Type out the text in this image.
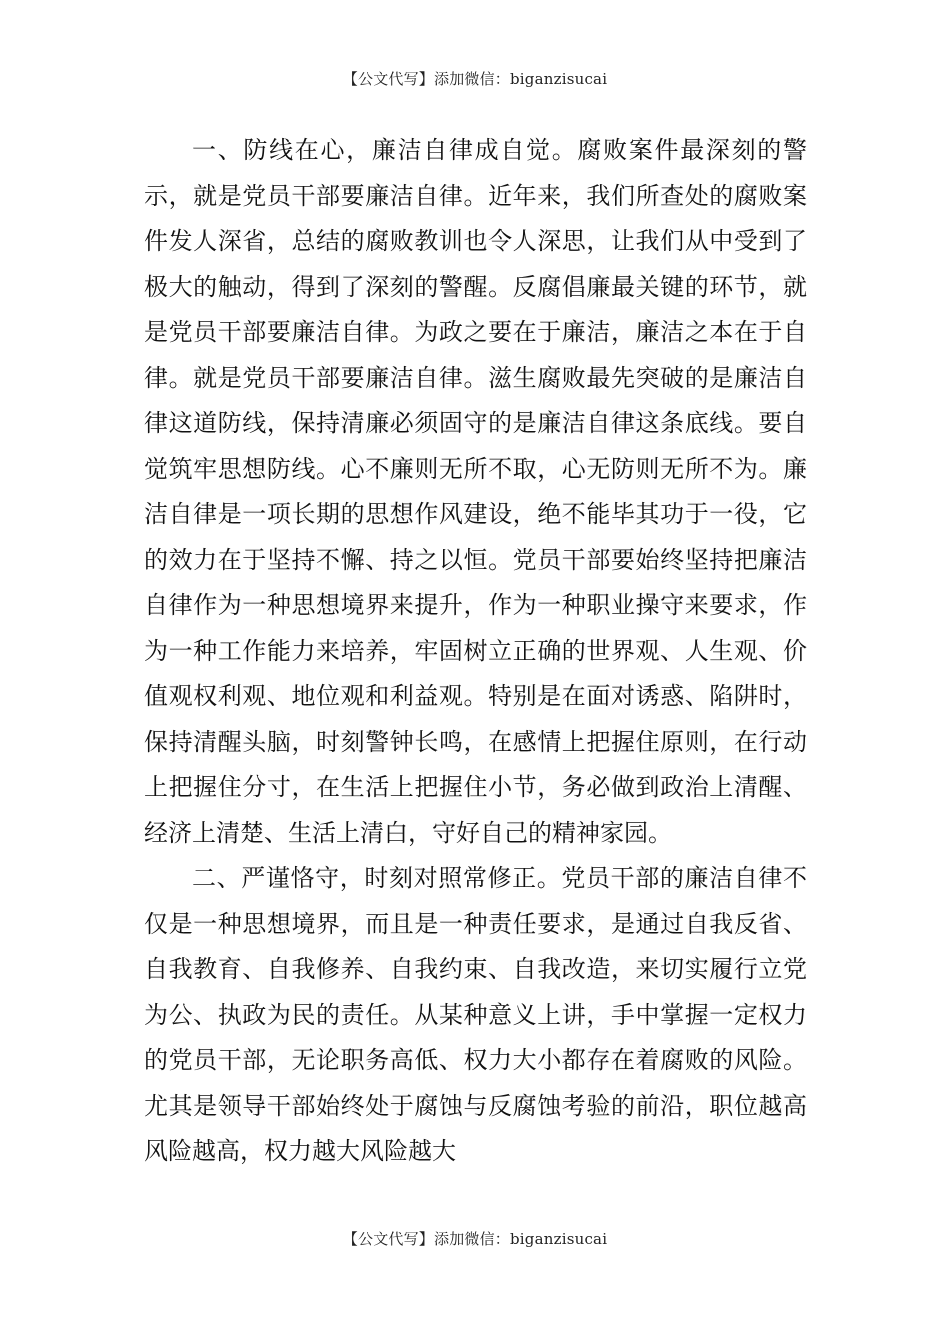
【公文代写】添加微信：biganzisucai

一、防线在心，廉洁自律成自觉。腐败案件最深刻的警示，就是党员干部要廉洁自律。近年来，我们所查处的腐败案件发人深省，总结的腐败教训也令人深思，让我们从中受到了极大的触动，得到了深刻的警醒。反腐倡廉最关键的环节，就是党员干部要廉洁自律。为政之要在于廉洁，廉洁之本在于自律。就是党员干部要廉洁自律。滋生腐败最先突破的是廉洁自律这道防线，保持清廉必须固守的是廉洁自律这条底线。要自觉筑牢思想防线。心不廉则无所不取，心无防则无所不为。廉洁自律是一项长期的思想作风建设，绝不能毕其功于一役，它的效力在于坚持不懈、持之以恒。党员干部要始终坚持把廉洁自律作为一种思想境界来提升，作为一种职业操守来要求，作为一种工作能力来培养，牢固树立正确的世界观、人生观、价值观权利观、地位观和利益观。特别是在面对诱惑、陷阱时，保持清醒头脑，时刻警钟长鸣，在感情上把握住原则，在行动上把握住分寸，在生活上把握住小节，务必做到政治上清醒、经济上清楚、生活上清白，守好自己的精神家园。

二、严谨恪守，时刻对照常修正。党员干部的廉洁自律不仅是一种思想境界，而且是一种责任要求，是通过自我反省、自我教育、自我修养、自我约束、自我改造，来切实履行立党为公、执政为民的责任。从某种意义上讲，手中掌握一定权力的党员干部，无论职务高低、权力大小都存在着腐败的风险。尤其是领导干部始终处于腐蚀与反腐蚀考验的前沿，职位越高风险越高，权力越大风险越大

【公文代写】添加微信：biganzisucai
